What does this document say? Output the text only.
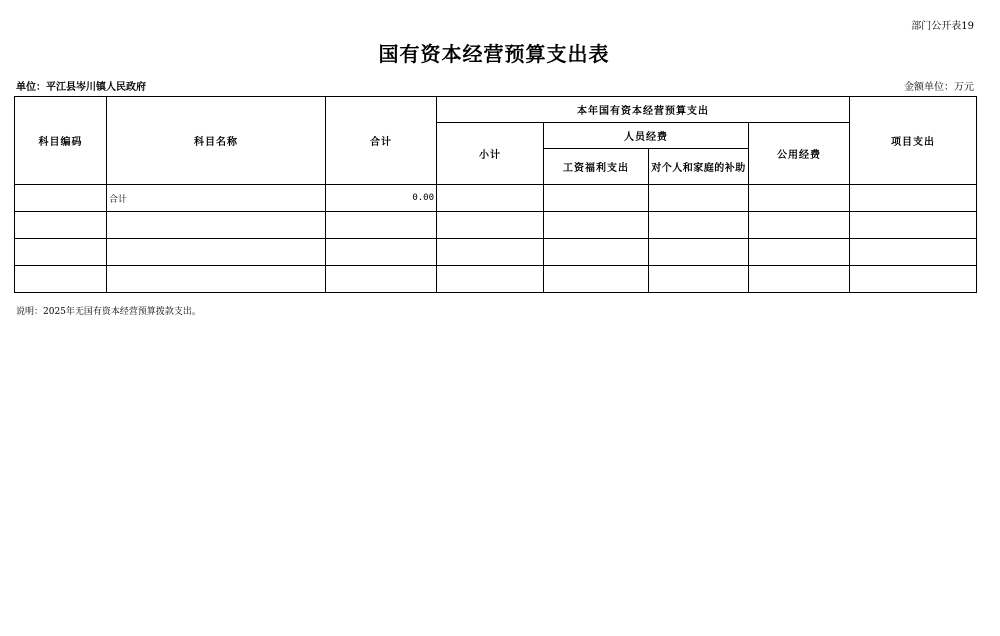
部门公开表19
国有资本经营预算支出表
单位：平江县岑川镇人民政府	金额单位：万元
科目编码	科目名称	合计	本年国有资本经营预算支出				项目支出
			小计	人员经费		公用经费	
				工资福利支出	对个人和家庭的补助		
	合计	0.00					

说明：2025年无国有资本经营预算拨款支出。
